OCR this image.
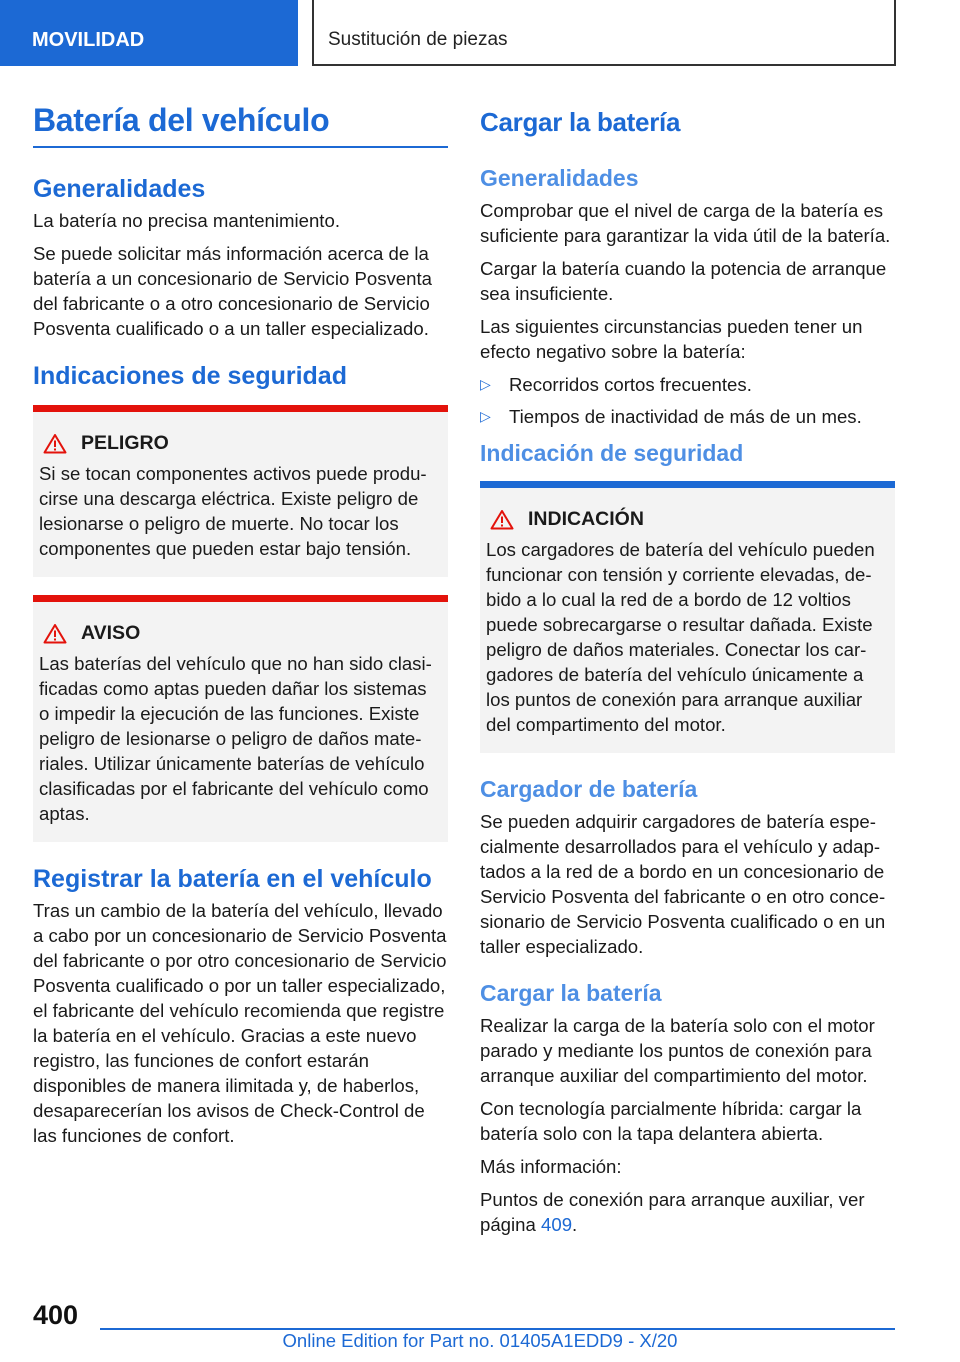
MOVILIDAD	Sustitución de piezas
Batería del vehículo
Generalidades

La batería no precisa mantenimiento.

Se puede solicitar más información acerca de la batería a un concesionario de Servicio Posventa del fabricante o a otro concesionario de Servicio Posventa cualificado o a un taller especializado.

Indicaciones de seguridad
PELIGRO

Si se tocan componentes activos puede producirse una descarga eléctrica. Existe peligro de lesionarse o peligro de muerte. No tocar los componentes que pueden estar bajo tensión.

AVISO

Las baterías del vehículo que no han sido clasificadas como aptas pueden dañar los sistemas o impedir la ejecución de las funciones. Existe peligro de lesionarse o peligro de daños materiales. Utilizar únicamente baterías de vehículo clasificadas por el fabricante del vehículo como aptas.

Registrar la batería en el vehículo

Tras un cambio de la batería del vehículo, llevado a cabo por un concesionario de Servicio Posventa del fabricante o por otro concesionario de Servicio Posventa cualificado o por un taller especializado, el fabricante del vehículo recomienda que registre la batería en el vehículo. Gracias a este nuevo registro, las funciones de confort estarán disponibles de manera ilimitada y, de haberlos, desaparecerían los avisos de Check-Control de las funciones de confort.

Cargar la batería
Generalidades

Comprobar que el nivel de carga de la batería es suficiente para garantizar la vida útil de la batería.

Cargar la batería cuando la potencia de arranque sea insuficiente.

Las siguientes circunstancias pueden tener un efecto negativo sobre la batería:

▷ Recorridos cortos frecuentes.
▷ Tiempos de inactividad de más de un mes.
Indicación de seguridad
INDICACIÓN

Los cargadores de batería del vehículo pueden funcionar con tensión y corriente elevadas, debido a lo cual la red de a bordo de 12 voltios puede sobrecargarse o resultar dañada. Existe peligro de daños materiales. Conectar los cargadores de batería del vehículo únicamente a los puntos de conexión para arranque auxiliar del compartimento del motor.

Cargador de batería

Se pueden adquirir cargadores de batería especialmente desarrollados para el vehículo y adaptados a la red de a bordo en un concesionario de Servicio Posventa del fabricante o en otro concesionario de Servicio Posventa cualificado o en un taller especializado.

Cargar la batería

Realizar la carga de la batería solo con el motor parado y mediante los puntos de conexión para arranque auxiliar del compartimiento del motor.

Con tecnología parcialmente híbrida: cargar la batería solo con la tapa delantera abierta.

Más información:

Puntos de conexión para arranque auxiliar, ver página 409.

400
Online Edition for Part no. 01405A1EDD9 - X/20
